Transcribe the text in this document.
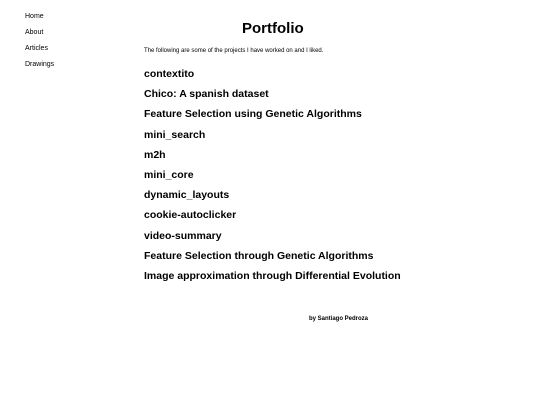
Home
About
Articles
Drawings
Portfolio

The following are some of the projects I have worked on and I liked.

contextito
Chico: A spanish dataset
Feature Selection using Genetic Algorithms
mini_search
m2h
mini_core
dynamic_layouts
cookie-autoclicker
video-summary
Feature Selection through Genetic Algorithms
Image approximation through Differential Evolution

by Santiago Pedroza
